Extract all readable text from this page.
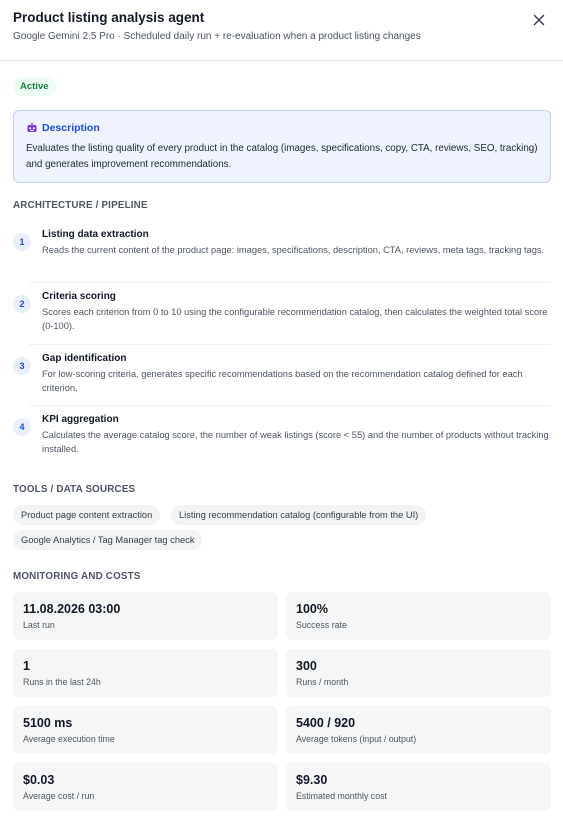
Product listing analysis agent
Google Gemini 2.5 Pro · Scheduled daily run + re-evaluation when a product listing changes
Active
Description
Evaluates the listing quality of every product in the catalog (images, specifications, copy, CTA, reviews, SEO, tracking) and generates improvement recommendations.
ARCHITECTURE / PIPELINE
1
Listing data extraction
Reads the current content of the product page: images, specifications, description, CTA, reviews, meta tags, tracking tags.
2
Criteria scoring
Scores each criterion from 0 to 10 using the configurable recommendation catalog, then calculates the weighted total score (0-100).
3
Gap identification
For low-scoring criteria, generates specific recommendations based on the recommendation catalog defined for each criterion.
4
KPI aggregation
Calculates the average catalog score, the number of weak listings (score < 55) and the number of products without tracking installed.
TOOLS / DATA SOURCES
Product page content extraction	Listing recommendation catalog (configurable from the UI)
Google Analytics / Tag Manager tag check
MONITORING AND COSTS
11.08.2026 03:00
Last run
100%
Success rate
1
Runs in the last 24h
300
Runs / month
5100 ms
Average execution time
5400 / 920
Average tokens (input / output)
$0.03
Average cost / run
$9.30
Estimated monthly cost
